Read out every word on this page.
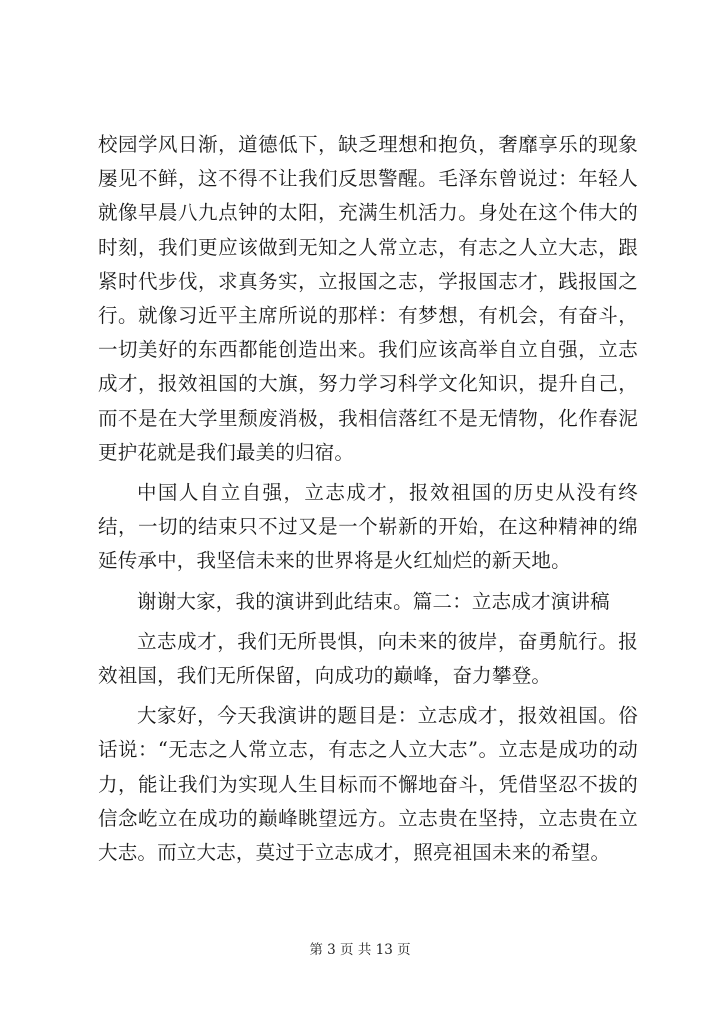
校园学风日渐，道德低下，缺乏理想和抱负，奢靡享乐的现象屡见不鲜，这不得不让我们反思警醒。毛泽东曾说过：年轻人就像早晨八九点钟的太阳，充满生机活力。身处在这个伟大的时刻，我们更应该做到无知之人常立志，有志之人立大志，跟紧时代步伐，求真务实，立报国之志，学报国志才，践报国之行。就像习近平主席所说的那样：有梦想，有机会，有奋斗，一切美好的东西都能创造出来。我们应该高举自立自强，立志成才，报效祖国的大旗，努力学习科学文化知识，提升自己，而不是在大学里颓废消极，我相信落红不是无情物，化作春泥更护花就是我们最美的归宿。

中国人自立自强，立志成才，报效祖国的历史从没有终结，一切的结束只不过又是一个崭新的开始，在这种精神的绵延传承中，我坚信未来的世界将是火红灿烂的新天地。

谢谢大家，我的演讲到此结束。篇二：立志成才演讲稿

立志成才，我们无所畏惧，向未来的彼岸，奋勇航行。报效祖国，我们无所保留，向成功的巅峰，奋力攀登。

大家好，今天我演讲的题目是：立志成才，报效祖国。俗话说：“无志之人常立志，有志之人立大志”。立志是成功的动力，能让我们为实现人生目标而不懈地奋斗，凭借坚忍不拔的信念屹立在成功的巅峰眺望远方。立志贵在坚持，立志贵在立大志。而立大志，莫过于立志成才，照亮祖国未来的希望。

第 3 页 共 13 页
